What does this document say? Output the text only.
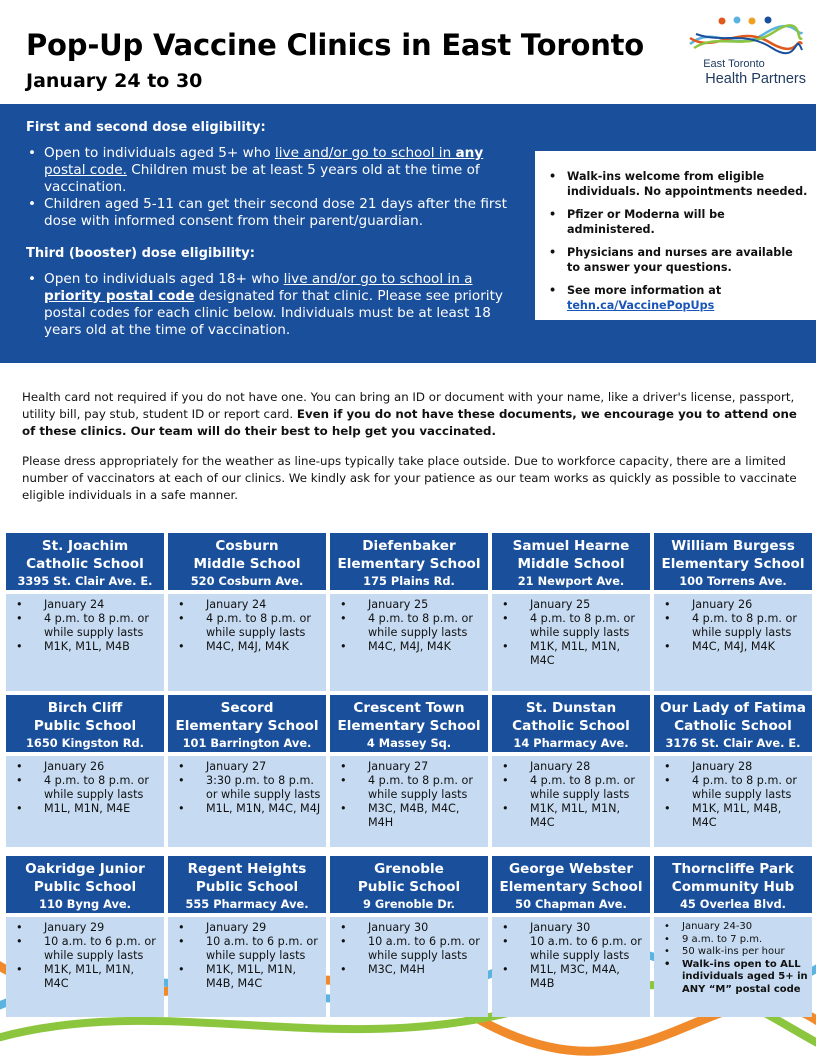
Pop-Up Vaccine Clinics in East Toronto
January 24 to 30
East Toronto
Health Partners
First and second dose eligibility:
• Open to individuals aged 5+ who live and/or go to school in any postal code. Children must be at least 5 years old at the time of vaccination.
• Children aged 5-11 can get their second dose 21 days after the first dose with informed consent from their parent/guardian.
Third (booster) dose eligibility:
• Open to individuals aged 18+ who live and/or go to school in a priority postal code designated for that clinic. Please see priority postal codes for each clinic below. Individuals must be at least 18 years old at the time of vaccination.
• Walk-ins welcome from eligible individuals. No appointments needed.
• Pfizer or Moderna will be administered.
• Physicians and nurses are available to answer your questions.
• See more information at
tehn.ca/VaccinePopUps
Health card not required if you do not have one. You can bring an ID or document with your name, like a driver's license, passport, utility bill, pay stub, student ID or report card. Even if you do not have these documents, we encourage you to attend one of these clinics. Our team will do their best to help get you vaccinated.
Please dress appropriately for the weather as line-ups typically take place outside. Due to workforce capacity, there are a limited number of vaccinators at each of our clinics. We kindly ask for your patience as our team works as quickly as possible to vaccinate eligible individuals in a safe manner.
St. Joachim
Catholic School
3395 St. Clair Ave. E.
• January 24
• 4 p.m. to 8 p.m. or while supply lasts
• M1K, M1L, M4B
Cosburn
Middle School
520 Cosburn Ave.
• January 24
• 4 p.m. to 8 p.m. or while supply lasts
• M4C, M4J, M4K
Diefenbaker
Elementary School
175 Plains Rd.
• January 25
• 4 p.m. to 8 p.m. or while supply lasts
• M4C, M4J, M4K
Samuel Hearne
Middle School
21 Newport Ave.
• January 25
• 4 p.m. to 8 p.m. or while supply lasts
• M1K, M1L, M1N, M4C
William Burgess
Elementary School
100 Torrens Ave.
• January 26
• 4 p.m. to 8 p.m. or while supply lasts
• M4C, M4J, M4K
Birch Cliff
Public School
1650 Kingston Rd.
• January 26
• 4 p.m. to 8 p.m. or while supply lasts
• M1L, M1N, M4E
Secord
Elementary School
101 Barrington Ave.
• January 27
• 3:30 p.m. to 8 p.m. or while supply lasts
• M1L, M1N, M4C, M4J
Crescent Town
Elementary School
4 Massey Sq.
• January 27
• 4 p.m. to 8 p.m. or while supply lasts
• M3C, M4B, M4C, M4H
St. Dunstan
Catholic School
14 Pharmacy Ave.
• January 28
• 4 p.m. to 8 p.m. or while supply lasts
• M1K, M1L, M1N, M4C
Our Lady of Fatima
Catholic School
3176 St. Clair Ave. E.
• January 28
• 4 p.m. to 8 p.m. or while supply lasts
• M1K, M1L, M4B, M4C
Oakridge Junior
Public School
110 Byng Ave.
• January 29
• 10 a.m. to 6 p.m. or while supply lasts
• M1K, M1L, M1N, M4C
Regent Heights
Public School
555 Pharmacy Ave.
• January 29
• 10 a.m. to 6 p.m. or while supply lasts
• M1K, M1L, M1N, M4B, M4C
Grenoble
Public School
9 Grenoble Dr.
• January 30
• 10 a.m. to 6 p.m. or while supply lasts
• M3C, M4H
George Webster
Elementary School
50 Chapman Ave.
• January 30
• 10 a.m. to 6 p.m. or while supply lasts
• M1L, M3C, M4A, M4B
Thorncliffe Park
Community Hub
45 Overlea Blvd.
• January 24-30
• 9 a.m. to 7 p.m.
• 50 walk-ins per hour
• Walk-ins open to ALL individuals aged 5+ in ANY “M” postal code
